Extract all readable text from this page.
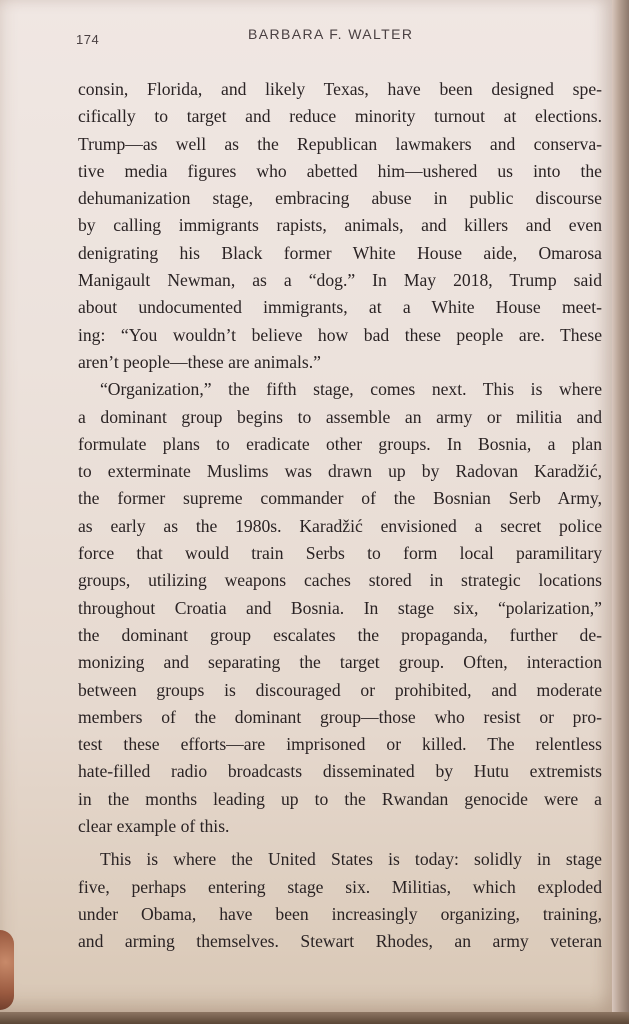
174	BARBARA F. WALTER
consin, Florida, and likely Texas, have been designed spe-
cifically to target and reduce minority turnout at elections.
Trump—as well as the Republican lawmakers and conserva-
tive media figures who abetted him—ushered us into the
dehumanization stage, embracing abuse in public discourse
by calling immigrants rapists, animals, and killers and even
denigrating his Black former White House aide, Omarosa
Manigault Newman, as a “dog.” In May 2018, Trump said
about undocumented immigrants, at a White House meet-
ing: “You wouldn’t believe how bad these people are. These
aren’t people—these are animals.”
“Organization,” the fifth stage, comes next. This is where
a dominant group begins to assemble an army or militia and
formulate plans to eradicate other groups. In Bosnia, a plan
to exterminate Muslims was drawn up by Radovan Karadžić,
the former supreme commander of the Bosnian Serb Army,
as early as the 1980s. Karadžić envisioned a secret police
force that would train Serbs to form local paramilitary
groups, utilizing weapons caches stored in strategic locations
throughout Croatia and Bosnia. In stage six, “polarization,”
the dominant group escalates the propaganda, further de-
monizing and separating the target group. Often, interaction
between groups is discouraged or prohibited, and moderate
members of the dominant group—those who resist or pro-
test these efforts—are imprisoned or killed. The relentless
hate-filled radio broadcasts disseminated by Hutu extremists
in the months leading up to the Rwandan genocide were a
clear example of this.
This is where the United States is today: solidly in stage
five, perhaps entering stage six. Militias, which exploded
under Obama, have been increasingly organizing, training,
and arming themselves. Stewart Rhodes, an army veteran
